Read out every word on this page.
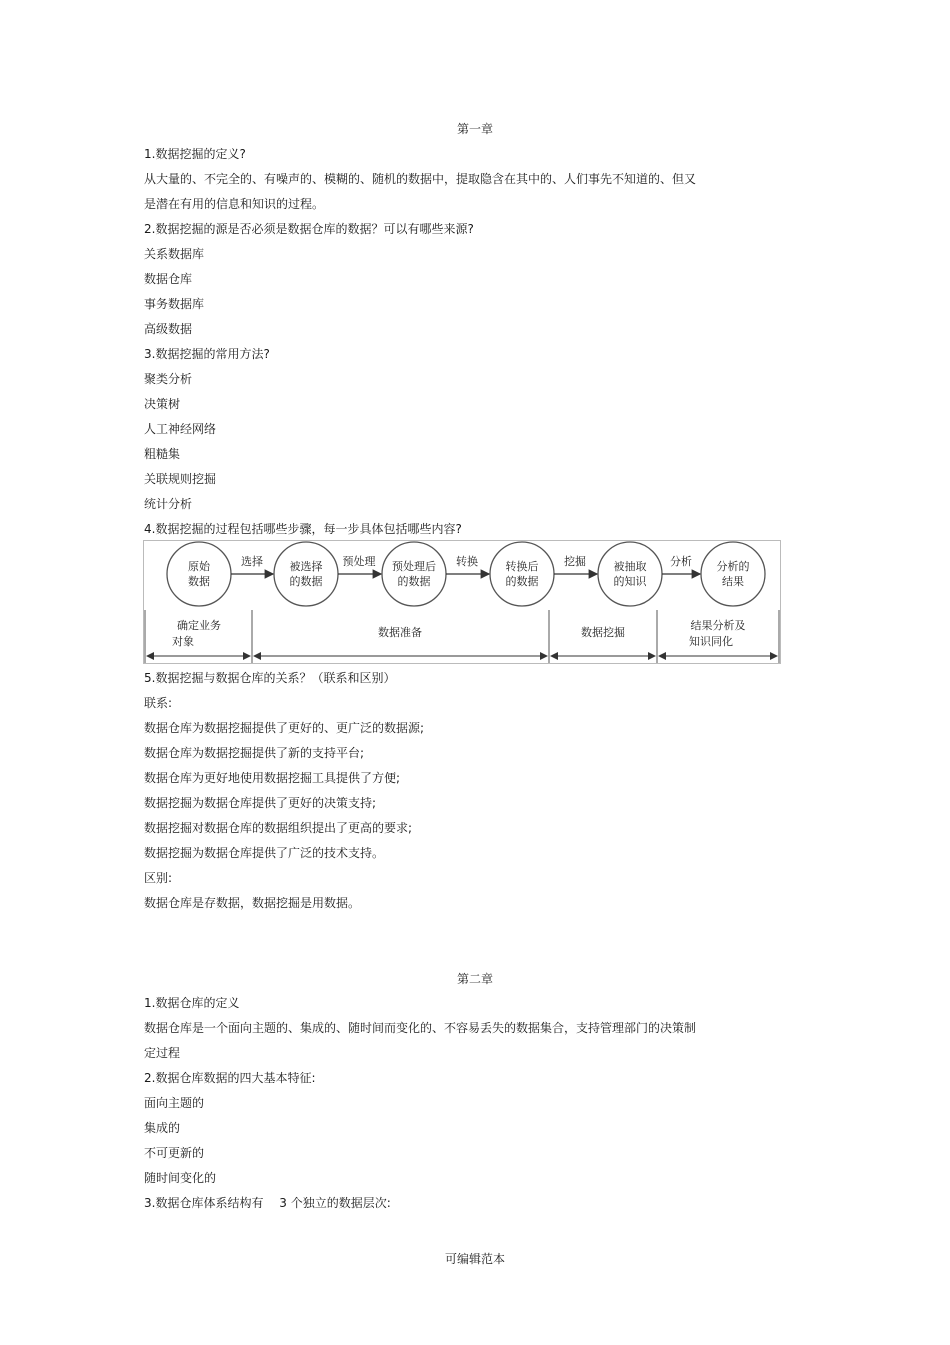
第一章
1.数据挖掘的定义?
从大量的、不完全的、有噪声的、模糊的、随机的数据中，提取隐含在其中的、人们事先不知道的、但又
是潜在有用的信息和知识的过程。
2.数据挖掘的源是否必须是数据仓库的数据？可以有哪些来源?
关系数据库
数据仓库
事务数据库
高级数据
3.数据挖掘的常用方法?
聚类分析
决策树
人工神经网络
粗糙集
关联规则挖掘
统计分析
4.数据挖掘的过程包括哪些步骤，每一步具体包括哪些内容?
原始
数据
被选择
的数据
预处理后
的数据
转换后
的数据
被抽取
的知识
分析的
结果
选择	预处理	转换	挖掘	分析
确定业务
对象
数据准备	数据挖掘
结果分析及
知识同化
5.数据挖掘与数据仓库的关系？（联系和区别）
联系:
数据仓库为数据挖掘提供了更好的、更广泛的数据源;
数据仓库为数据挖掘提供了新的支持平台;
数据仓库为更好地使用数据挖掘工具提供了方便;
数据挖掘为数据仓库提供了更好的决策支持;
数据挖掘对数据仓库的数据组织提出了更高的要求;
数据挖掘为数据仓库提供了广泛的技术支持。
区别:
数据仓库是存数据，数据挖掘是用数据。
第二章
1.数据仓库的定义
数据仓库是一个面向主题的、集成的、随时间而变化的、不容易丢失的数据集合，支持管理部门的决策制
定过程
2.数据仓库数据的四大基本特征:
面向主题的
集成的
不可更新的
随时间变化的
3.数据仓库体系结构有　 3 个独立的数据层次:
可编辑范本
